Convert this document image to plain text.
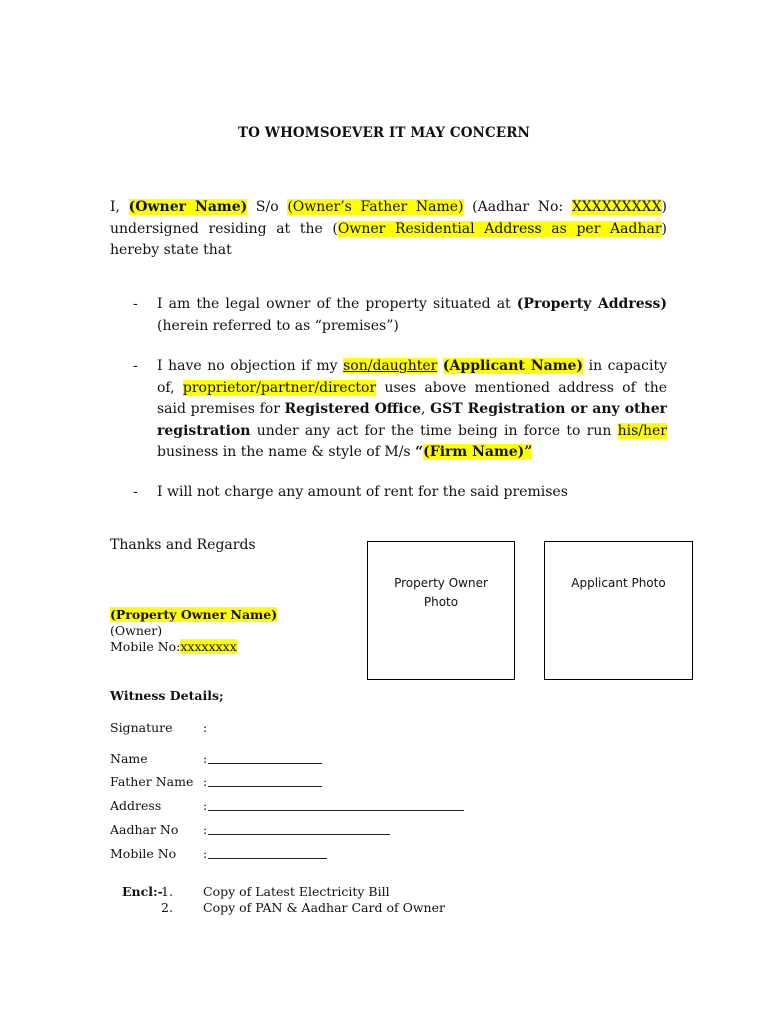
TO WHOMSOEVER IT MAY CONCERN
I, (Owner Name) S/o (Owner’s Father Name) (Aadhar No: XXXXXXXXX) undersigned residing at the (Owner Residential Address as per Aadhar) hereby state that
- I am the legal owner of the property situated at (Property Address) (herein referred to as “premises”)
- I have no objection if my son/daughter (Applicant Name) in capacity of, proprietor/partner/director uses above mentioned address of the said premises for Registered Office, GST Registration or any other registration under any act for the time being in force to run his/her business in the name & style of M/s “(Firm Name)”
- I will not charge any amount of rent for the said premises
Thanks and Regards
Property Owner
Photo
Applicant Photo
(Property Owner Name)
(Owner)
Mobile No:xxxxxxxx
Witness Details;
Signature :
Name	:
Father Name :
Address	:
Aadhar No :
Mobile No :
Encl:-
1. Copy of Latest Electricity Bill
2. Copy of PAN & Aadhar Card of Owner
